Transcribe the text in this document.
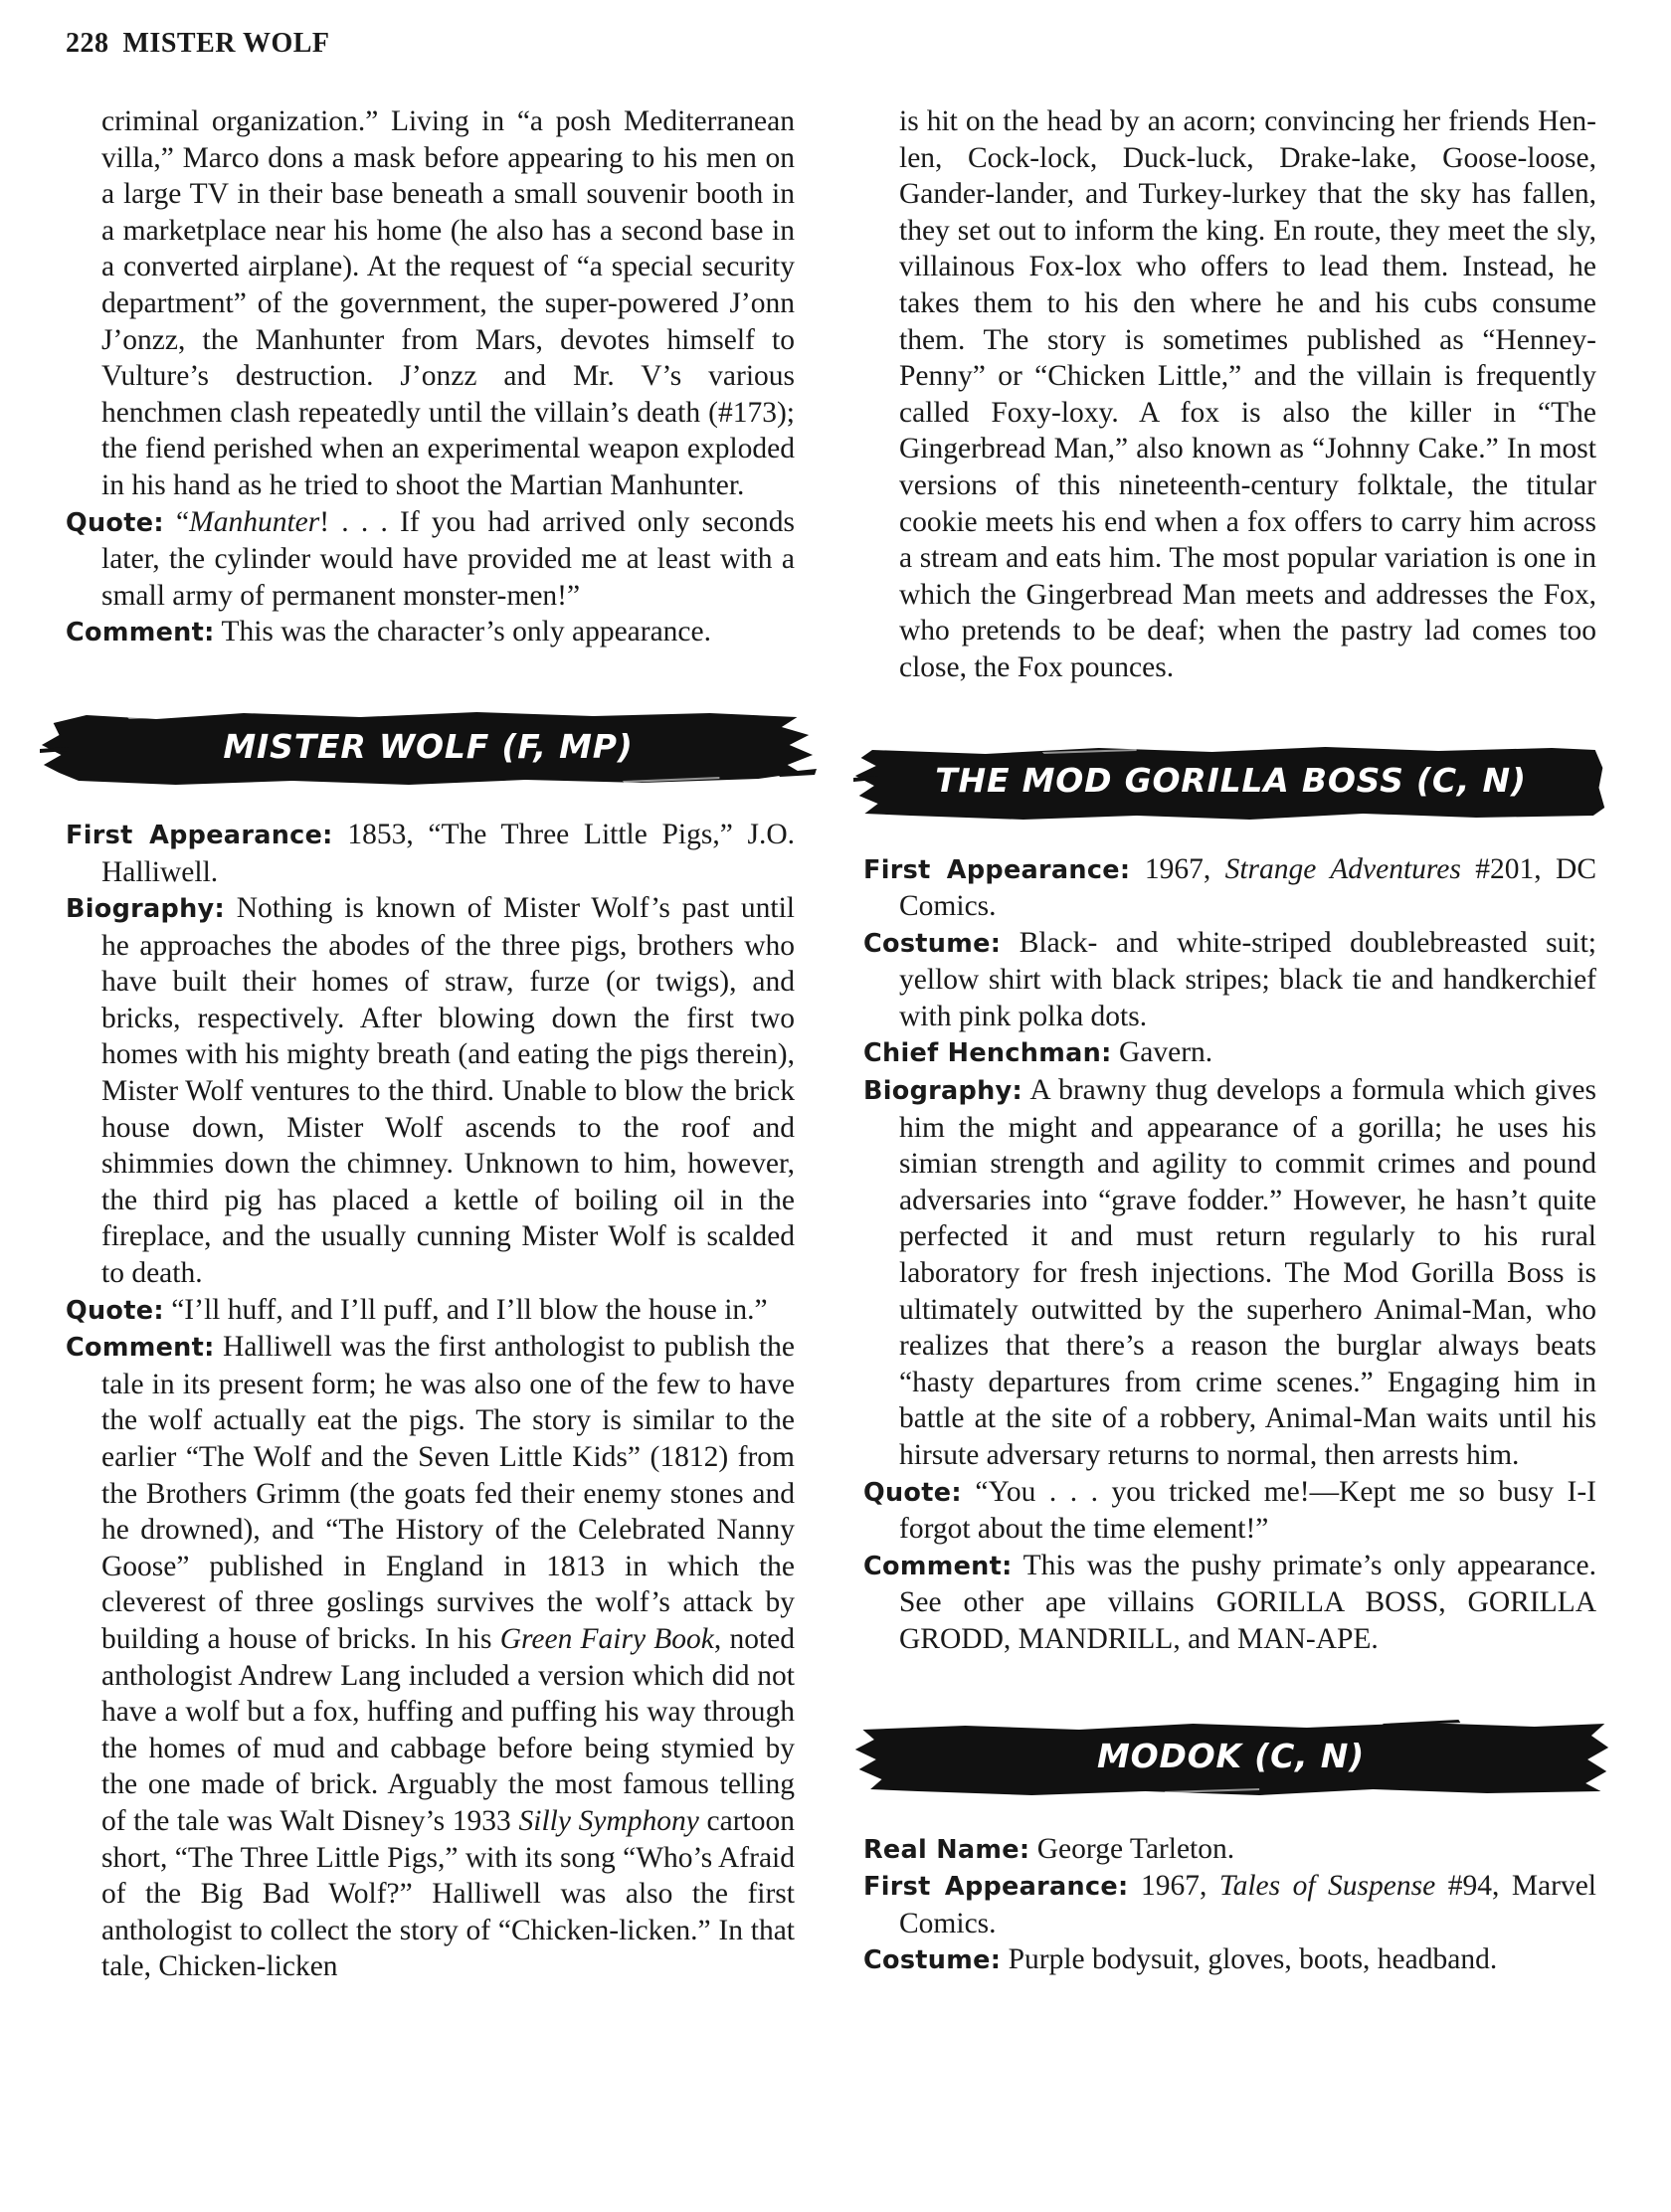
228 MISTER WOLF

criminal organization.” Living in “a posh Mediterranean villa,” Marco dons a mask before appearing to his men on a large TV in their base beneath a small souvenir booth in a marketplace near his home (he also has a second base in a converted airplane). At the request of “a special security department” of the government, the super-powered J’onn J’onzz, the Manhunter from Mars, devotes himself to Vulture’s destruction. J’onzz and Mr. V’s various henchmen clash repeatedly until the villain’s death (#173); the fiend perished when an experimental weapon exploded in his hand as he tried to shoot the Martian Manhunter.

Quote: “Manhunter! . . . If you had arrived only seconds later, the cylinder would have provided me at least with a small army of permanent monster-men!”

Comment: This was the character’s only appearance.

MISTER WOLF (F, MP)

First Appearance: 1853, “The Three Little Pigs,” J.O. Halliwell.

Biography: Nothing is known of Mister Wolf’s past until he approaches the abodes of the three pigs, brothers who have built their homes of straw, furze (or twigs), and bricks, respectively. After blowing down the first two homes with his mighty breath (and eating the pigs therein), Mister Wolf ventures to the third. Unable to blow the brick house down, Mister Wolf ascends to the roof and shimmies down the chimney. Unknown to him, however, the third pig has placed a kettle of boiling oil in the fireplace, and the usually cunning Mister Wolf is scalded to death.

Quote: “I’ll huff, and I’ll puff, and I’ll blow the house in.”

Comment: Halliwell was the first anthologist to publish the tale in its present form; he was also one of the few to have the wolf actually eat the pigs. The story is similar to the earlier “The Wolf and the Seven Little Kids” (1812) from the Brothers Grimm (the goats fed their enemy stones and he drowned), and “The History of the Celebrated Nanny Goose” published in England in 1813 in which the cleverest of three goslings survives the wolf’s attack by building a house of bricks. In his Green Fairy Book, noted anthologist Andrew Lang included a version which did not have a wolf but a fox, huffing and puffing his way through the homes of mud and cabbage before being stymied by the one made of brick. Arguably the most famous telling of the tale was Walt Disney’s 1933 Silly Symphony cartoon short, “The Three Little Pigs,” with its song “Who’s Afraid of the Big Bad Wolf?” Halliwell was also the first anthologist to collect the story of “Chicken-licken.” In that tale, Chicken-licken

is hit on the head by an acorn; convincing her friends Hen-len, Cock-lock, Duck-luck, Drake-lake, Goose-loose, Gander-lander, and Turkey-lurkey that the sky has fallen, they set out to inform the king. En route, they meet the sly, villainous Fox-lox who offers to lead them. Instead, he takes them to his den where he and his cubs consume them. The story is sometimes published as “Henney-Penny” or “Chicken Little,” and the villain is frequently called Foxy-loxy. A fox is also the killer in “The Gingerbread Man,” also known as “Johnny Cake.” In most versions of this nineteenth-century folktale, the titular cookie meets his end when a fox offers to carry him across a stream and eats him. The most popular variation is one in which the Gingerbread Man meets and addresses the Fox, who pretends to be deaf; when the pastry lad comes too close, the Fox pounces.

THE MOD GORILLA BOSS (C, N)

First Appearance: 1967, Strange Adventures #201, DC Comics.

Costume: Black- and white-striped doublebreasted suit; yellow shirt with black stripes; black tie and handkerchief with pink polka dots.

Chief Henchman: Gavern.

Biography: A brawny thug develops a formula which gives him the might and appearance of a gorilla; he uses his simian strength and agility to commit crimes and pound adversaries into “grave fodder.” However, he hasn’t quite perfected it and must return regularly to his rural laboratory for fresh injections. The Mod Gorilla Boss is ultimately outwitted by the superhero Animal-Man, who realizes that there’s a reason the burglar always beats “hasty departures from crime scenes.” Engaging him in battle at the site of a robbery, Animal-Man waits until his hirsute adversary returns to normal, then arrests him.

Quote: “You . . . you tricked me!—Kept me so busy I-I forgot about the time element!”

Comment: This was the pushy primate’s only appearance. See other ape villains GORILLA BOSS, GORILLA GRODD, MANDRILL, and MAN-APE.

MODOK (C, N)

Real Name: George Tarleton.

First Appearance: 1967, Tales of Suspense #94, Marvel Comics.

Costume: Purple bodysuit, gloves, boots, headband.
